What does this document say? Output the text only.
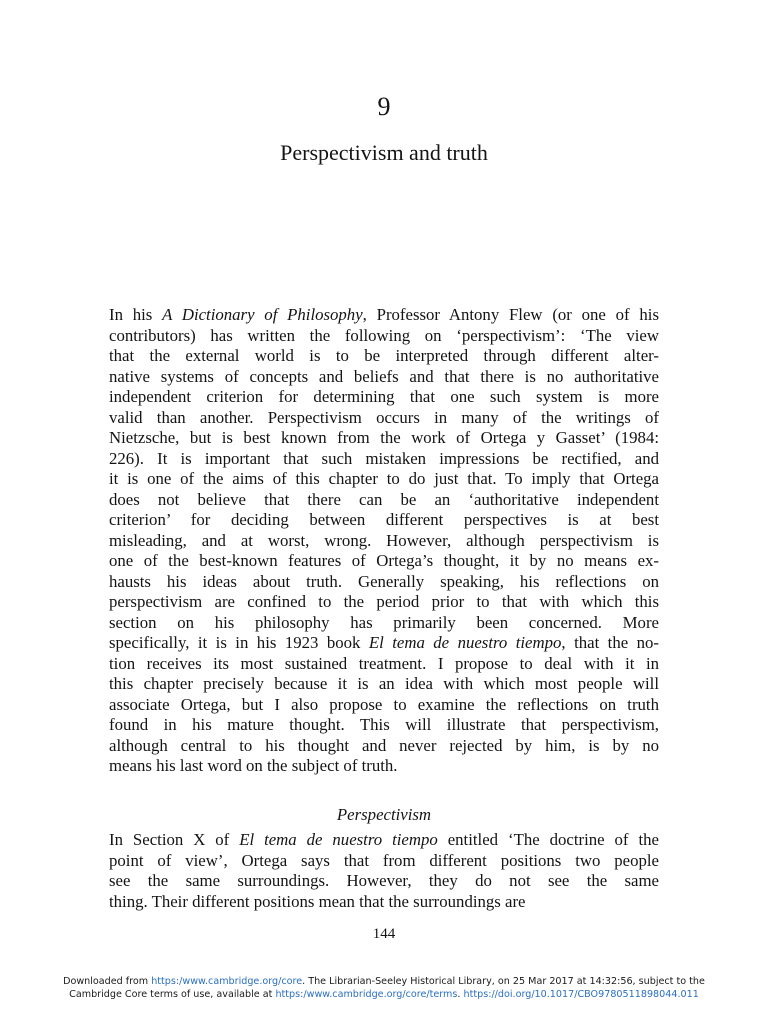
9
Perspectivism and truth
In his A Dictionary of Philosophy, Professor Antony Flew (or one of his
contributors) has written the following on ‘perspectivism’: ‘The view
that the external world is to be interpreted through different alter-
native systems of concepts and beliefs and that there is no authoritative
independent criterion for determining that one such system is more
valid than another. Perspectivism occurs in many of the writings of
Nietzsche, but is best known from the work of Ortega y Gasset’ (1984:
226). It is important that such mistaken impressions be rectified, and
it is one of the aims of this chapter to do just that. To imply that Ortega
does not believe that there can be an ‘authoritative independent
criterion’ for deciding between different perspectives is at best
misleading, and at worst, wrong. However, although perspectivism is
one of the best-known features of Ortega’s thought, it by no means ex-
hausts his ideas about truth. Generally speaking, his reflections on
perspectivism are confined to the period prior to that with which this
section on his philosophy has primarily been concerned. More
specifically, it is in his 1923 book El tema de nuestro tiempo, that the no-
tion receives its most sustained treatment. I propose to deal with it in
this chapter precisely because it is an idea with which most people will
associate Ortega, but I also propose to examine the reflections on truth
found in his mature thought. This will illustrate that perspectivism,
although central to his thought and never rejected by him, is by no
means his last word on the subject of truth.
Perspectivism
In Section X of El tema de nuestro tiempo entitled ‘The doctrine of the
point of view’, Ortega says that from different positions two people
see the same surroundings. However, they do not see the same
thing. Their different positions mean that the surroundings are
144
Downloaded from https:/www.cambridge.org/core. The Librarian-Seeley Historical Library, on 25 Mar 2017 at 14:32:56, subject to the
Cambridge Core terms of use, available at https:/www.cambridge.org/core/terms. https://doi.org/10.1017/CBO9780511898044.011
